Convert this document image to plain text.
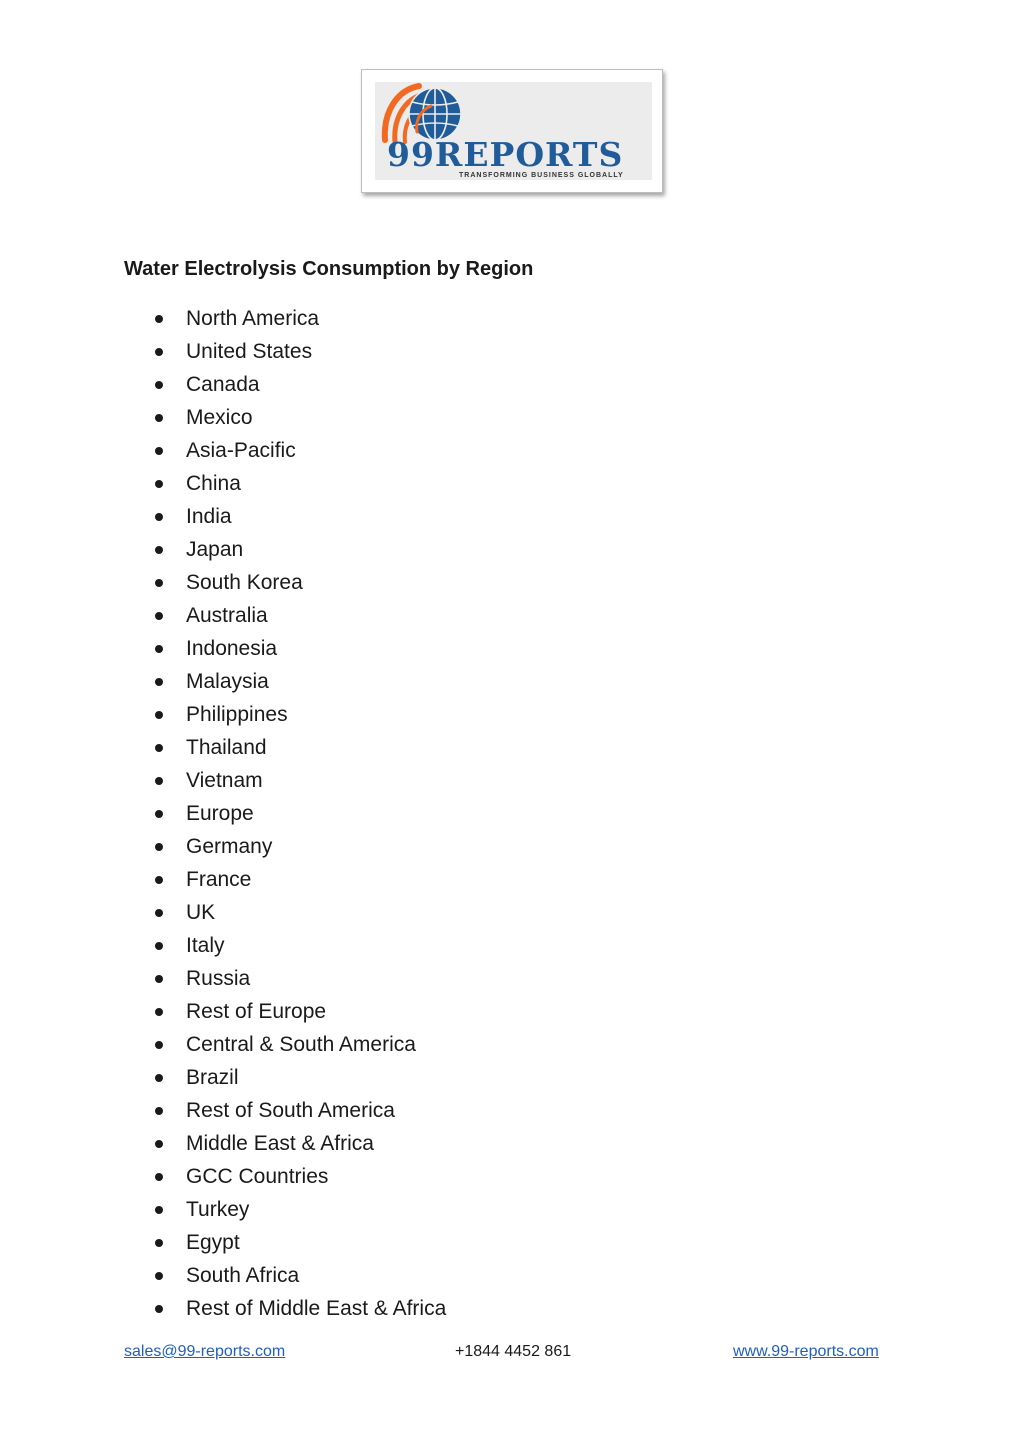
99REPORTS
TRANSFORMING BUSINESS GLOBALLY
Water Electrolysis Consumption by Region
North America
United States
Canada
Mexico
Asia-Pacific
China
India
Japan
South Korea
Australia
Indonesia
Malaysia
Philippines
Thailand
Vietnam
Europe
Germany
France
UK
Italy
Russia
Rest of Europe
Central & South America
Brazil
Rest of South America
Middle East & Africa
GCC Countries
Turkey
Egypt
South Africa
Rest of Middle East & Africa
sales@99-reports.com	+1844 4452 861	www.99-reports.com
